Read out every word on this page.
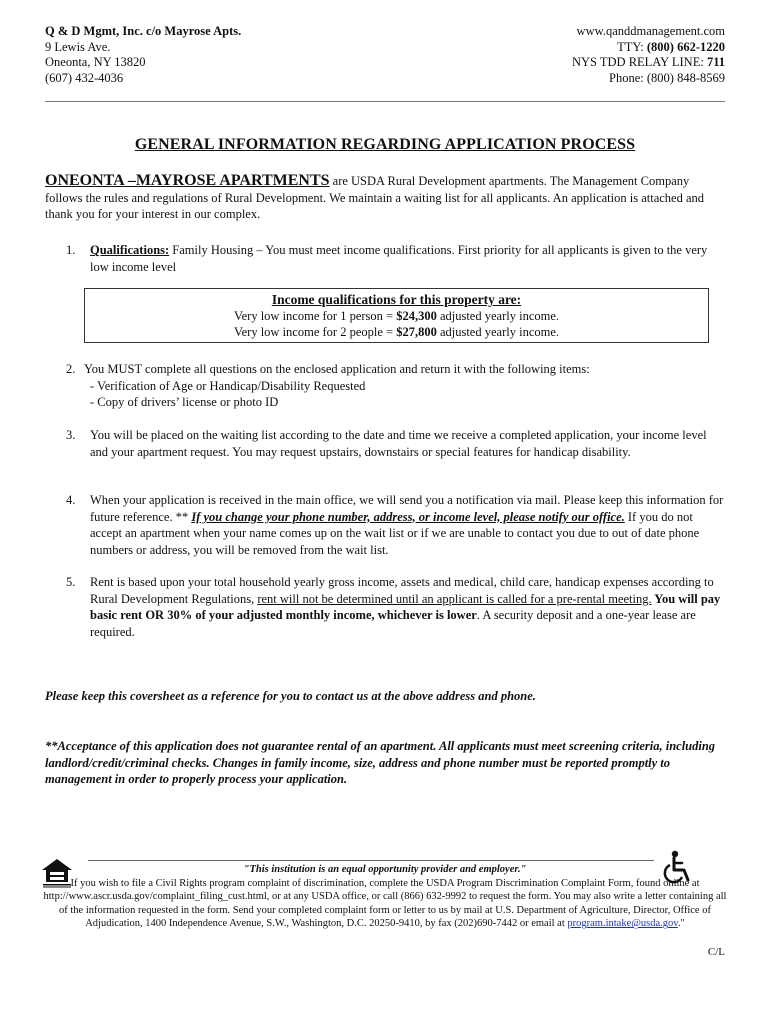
Q & D Mgmt, Inc. c/o Mayrose Apts.
9 Lewis Ave.
Oneonta, NY 13820
(607) 432-4036
www.qanddmanagement.com
TTY: (800) 662-1220
NYS TDD RELAY LINE: 711
Phone: (800) 848-8569
GENERAL INFORMATION REGARDING APPLICATION PROCESS
ONEONTA –MAYROSE APARTMENTS are USDA Rural Development apartments. The Management Company follows the rules and regulations of Rural Development. We maintain a waiting list for all applicants. An application is attached and thank you for your interest in our complex.
1. Qualifications: Family Housing – You must meet income qualifications. First priority for all applicants is given to the very low income level
Income qualifications for this property are:
Very low income for 1 person = $24,300 adjusted yearly income.
Very low income for 2 people = $27,800 adjusted yearly income.
2. You MUST complete all questions on the enclosed application and return it with the following items:
- Verification of Age or Handicap/Disability Requested
- Copy of drivers’ license or photo ID
3. You will be placed on the waiting list according to the date and time we receive a completed application, your income level and your apartment request. You may request upstairs, downstairs or special features for handicap disability.
4. When your application is received in the main office, we will send you a notification via mail. Please keep this information for future reference. ** If you change your phone number, address, or income level, please notify our office. If you do not accept an apartment when your name comes up on the wait list or if we are unable to contact you due to out of date phone numbers or address, you will be removed from the wait list.
5. Rent is based upon your total household yearly gross income, assets and medical, child care, handicap expenses according to Rural Development Regulations, rent will not be determined until an applicant is called for a pre-rental meeting. You will pay basic rent OR 30% of your adjusted monthly income, whichever is lower. A security deposit and a one-year lease are required.
Please keep this coversheet as a reference for you to contact us at the above address and phone.
**Acceptance of this application does not guarantee rental of an apartment. All applicants must meet screening criteria, including landlord/credit/criminal checks. Changes in family income, size, address and phone number must be reported promptly to management in order to properly process your application.
"This institution is an equal opportunity provider and employer."
If you wish to file a Civil Rights program complaint of discrimination, complete the USDA Program Discrimination Complaint Form, found online at http://www.ascr.usda.gov/complaint_filing_cust.html, or at any USDA office, or call (866) 632-9992 to request the form. You may also write a letter containing all of the information requested in the form. Send your completed complaint form or letter to us by mail at U.S. Department of Agriculture, Director, Office of Adjudication, 1400 Independence Avenue, S.W., Washington, D.C. 20250-9410, by fax (202)690-7442 or email at program.intake@usda.gov."
C/L
